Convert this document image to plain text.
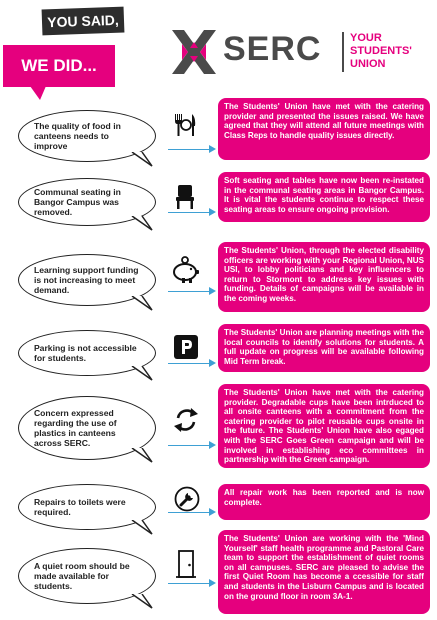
YOU SAID,
WE DID...	SERC	YOUR
STUDENTS'
UNION
The quality of food in canteens needs to improve
The Students' Union have met with the catering provider and presented the issues raised. We have agreed that they will attend all future meetings with Class Reps to handle quality issues directly.
Communal seating in Bangor Campus was removed.
Soft seating and tables have now been re-instated in the communal seating areas in Bangor Campus. It is vital the students continue to respect these seating areas to ensure ongoing provision.
Learning support funding is not increasing to meet demand.
The Students' Union, through the elected disability officers are working with your Regional Union, NUS USI, to lobby politicians and key influencers to return to Stormont to address key issues with funding. Details of campaigns will be available in the coming weeks.
Parking is not accessible for students.
The Students' Union are planning meetings with the local councils to identify solutions for students. A full update on progress will be available following Mid Term break.
Concern expressed regarding the use of plastics in canteens across SERC.
The Students' Union have met with the catering provider. Degradable cups have been intrduced to all onsite canteens with a commitment from the catering provider to pilot reusable cups onsite in the future. The Students' Union have also egaged with the SERC Goes Green campaign and will be involved in establishing eco committees in partnership with the Green campaign.
Repairs to toilets were required.
All repair work has been reported and is now complete.
A quiet room should be made available for students.
The Students' Union are working with the 'Mind Yourself' staff health programme and Pastoral Care team to support the establishment of quiet rooms on all campuses. SERC are pleased to advise the first Quiet Room has become a ccessible for staff and students in the Lisburn Campus and is located on the ground floor in room 3A-1.
